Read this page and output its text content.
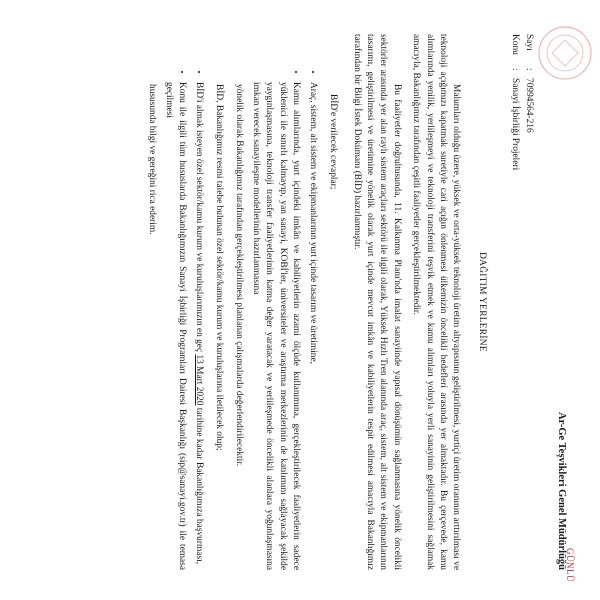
GÜNLÜ
Ar-Ge Teşvikleri Genel Müdürlüğü
Sayı
:
70994564-216
Konu
:
Sanayi İşbirliği Projeleri
DAĞITIM YERLERİNE

Malumları olduğu üzere, yüksek ve orta-yüksek teknoloji üretim altyapısının geliştirilmesi, yurtiçi üretim oranının arttırılması ve teknoloji açığımızı kapatmak suretiyle cari açığın önlenmesi ülkemizin öncelikli hedefleri arasında yer almaktadır. Bu çerçevede, kamu alımlarında yenilik, yerlileşmeyi ve teknoloji transferini teşvik etmek ve kamu alımları yoluyla yerli sanayinin geliştirilmesini sağlamak amacıyla, Bakanlığımız tarafından çeşitli faaliyetler gerçekleştirilmektedir.

Bu faaliyetler doğrultusunda, 11. Kalkınma Planı'nda imalat sanayiinde yapısal dönüşümün sağlanmasına yönelik öncelikli sektörler arasında yer alan raylı sistem araçları sektörü ile ilgili olarak, Yüksek Hızlı Tren alanında araç, sistem, alt sistem ve ekipmanlarının tasarımı, geliştirilmesi ve üretimine yönelik olarak yurt içinde mevcut imkân ve kabiliyetlerin tespit edilmesi amacıyla Bakanlığımız tarafından bir Bilgi İstek Dokümanı (BİD) hazırlanmıştır.

BİD'e verilecek cevaplar;

• Araç, sistem, alt sistem ve ekipmanlarının yurt içinde tasarım ve üretimine,
• Kamu alımlarında, yurt içindeki imkân ve kabiliyetlerin azami ölçüde kullanımına, gerçekleştirilecek faaliyetlerin sadece yüklenici ile sınırlı kalmayıp, yan sanayi, KOBİ'ler, üniversiteler ve araştırma merkezlerinin de katılımını sağlayacak şekilde yaygınlaşmasına, teknoloji transfer faaliyetlerinin katma değer yaratacak ve yerlileşmede öncelikli alanlara yoğunlaşmasına imkan verecek sanayileşme modellerinin hazırlanmasına

yönelik olarak Bakanlığımız tarafından gerçekleştirilmesi planlanan çalışmalarda değerlendirilecektir.

BİD, Bakanlığımız resmi talebe bulunan özel sektör/kamu kurum ve kuruluşlarına iletilecek olup;

• BİD'i almak isteyen özel sektör/kamu kurum ve kuruluşlarımızın en geç 13 Mart 2020 tarihine kadar Bakanlığımıza başvurması,
• Konu ile ilgili tüm hususlarda Bakanlığımızın Sanayi İşbirliği Programları Dairesi Başkanlığı (sip@sanayi.gov.tr) ile temasa geçilmesi

hususunda bilgi ve gereğini rica ederim.
